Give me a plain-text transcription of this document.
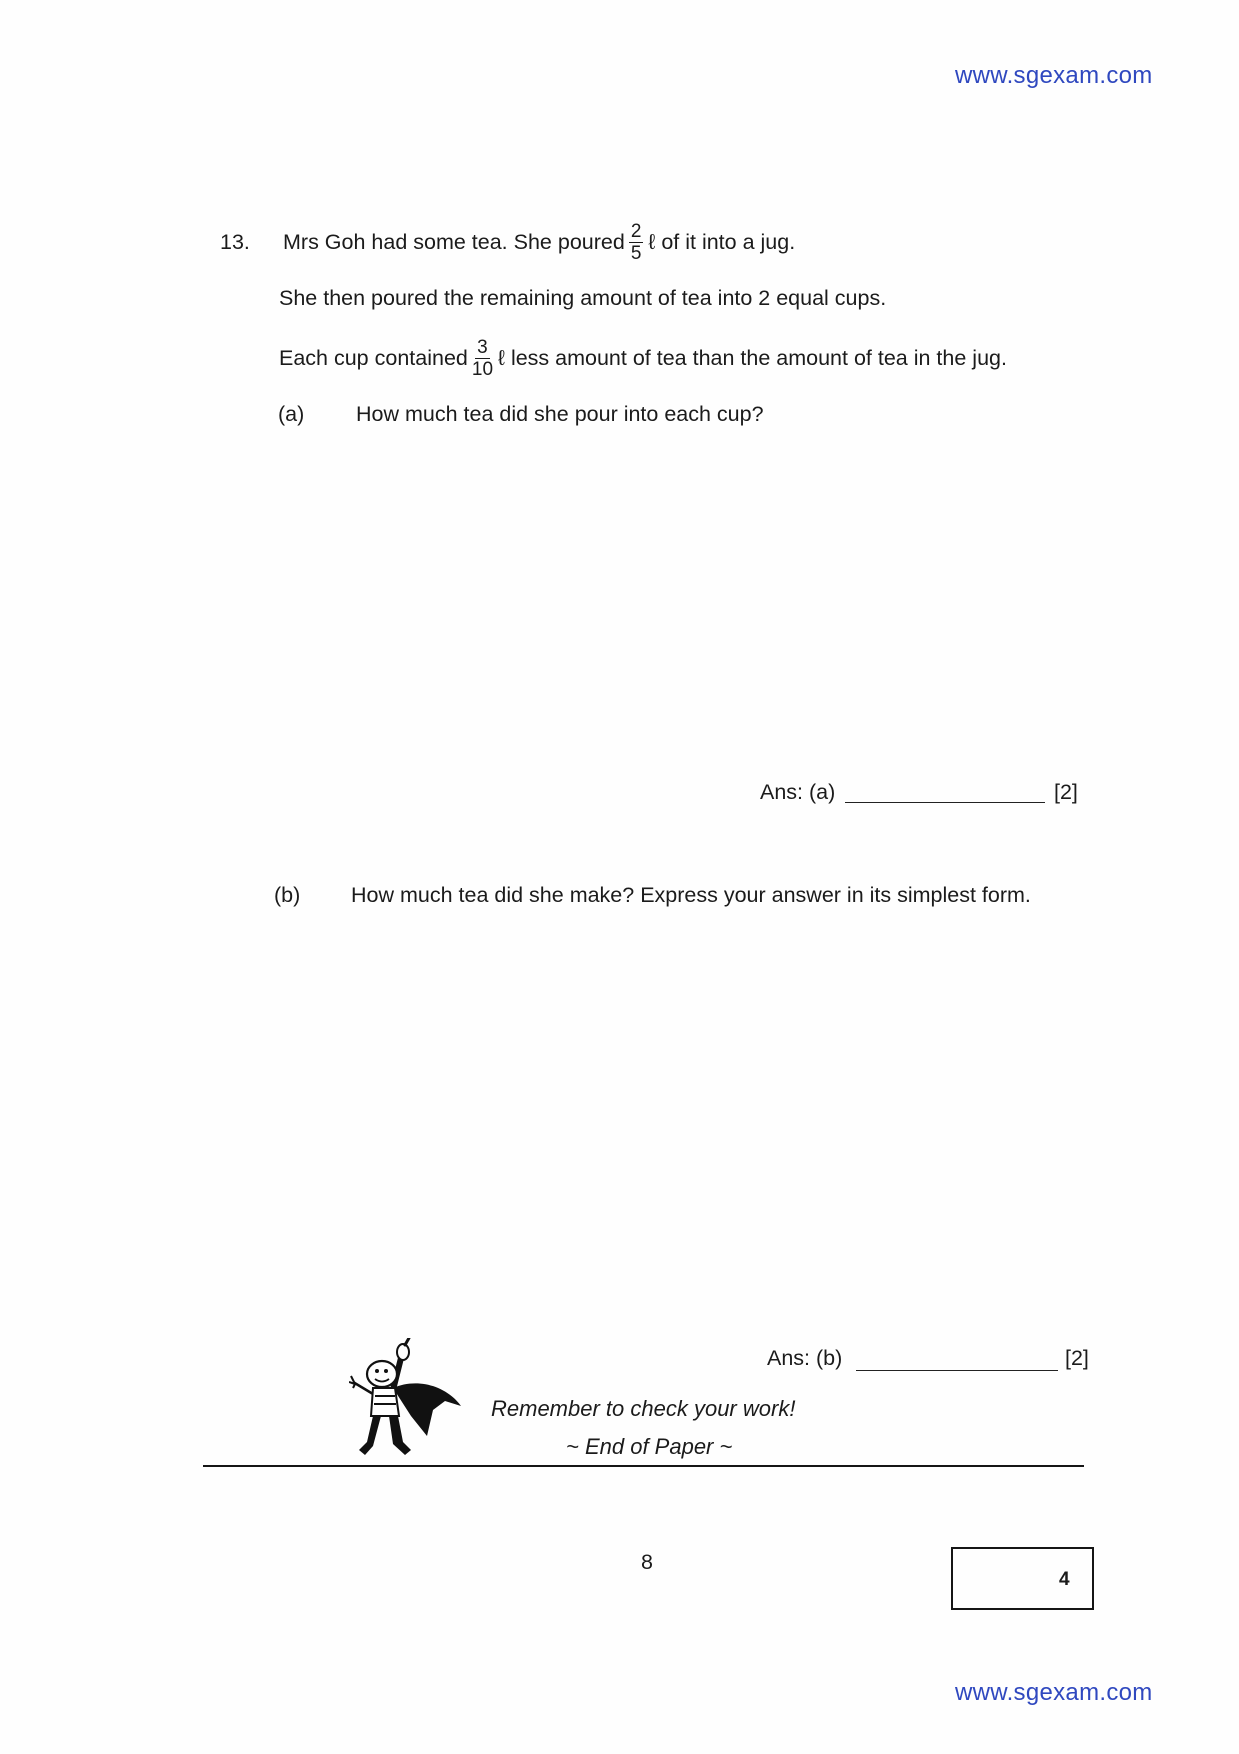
www.sgexam.com
13. Mrs Goh had some tea. She poured $\frac{2}{5}$ ℓ of it into a jug.
She then poured the remaining amount of tea into 2 equal cups.
Each cup contained $\frac{3}{10}$ ℓ less amount of tea than the amount of tea in the jug.
(a) How much tea did she pour into each cup?
Ans: (a)	[2]
(b) How much tea did she make? Express your answer in its simplest form.
Ans: (b)	[2]
Remember to check your work!
~ End of Paper ~
8
4
www.sgexam.com
